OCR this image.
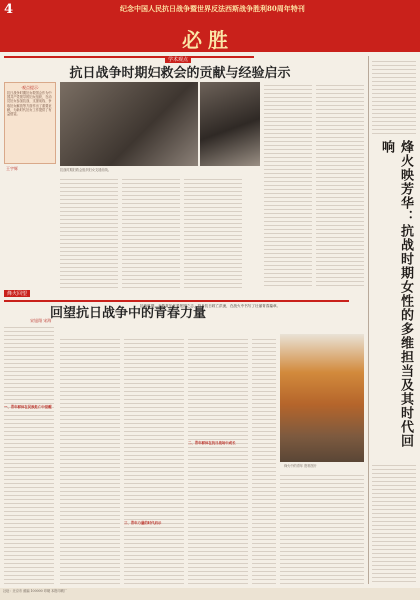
4	纪念中国人民抗日战争暨世界反法西斯战争胜利80周年特刊
必胜
学术观点
抗日战争时期妇救会的贡献与经验启示
·观点提示·
抗日战争时期妇女救国会作为中国共产党领导的妇女组织，在动员妇女参加抗战、支援前线、争取妇女解放等方面作出了重要贡献，为新时代妇女工作提供了有益借鉴。
王宇辉	抗战时期妇救会组织妇女支援前线。	烽火映芳华：抗战时期女性的多维担当及其时代回响
烽火回望
回望抗日战争中的青春力量
宋旭翔 宋海
一、青年群体在民族危亡中觉醒
抗战时期，无数青年怀着报国之志，投身抗日救亡洪流，在战火中书写了壮丽青春篇章。
三、青年力量的时代启示
二、青年群体在抗日战场中成长
烽火中的青年 资料图片
社址：北京市 邮编 100000 印刷 本报印刷厂
